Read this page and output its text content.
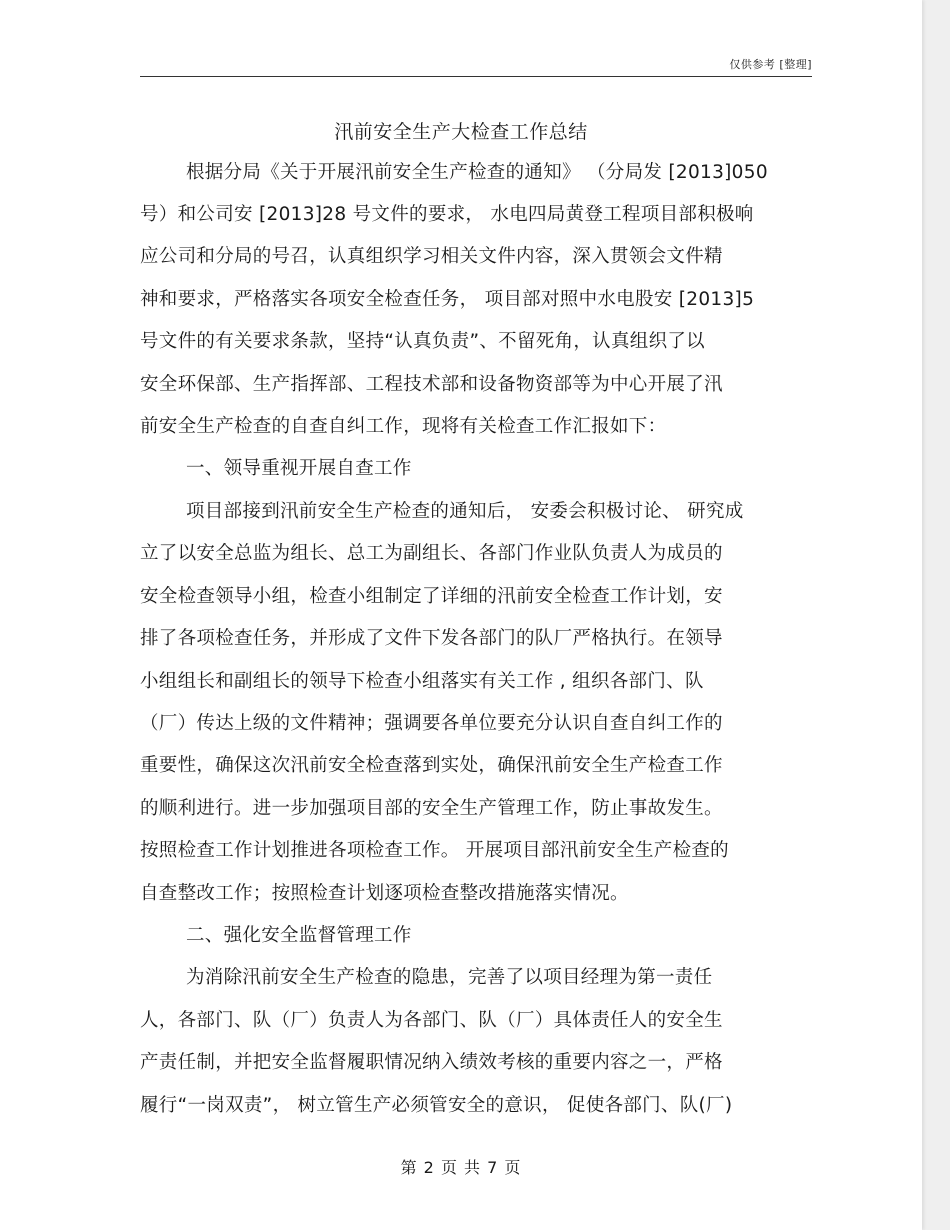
仅供参考 [整理]
汛前安全生产大检查工作总结
根据分局《关于开展汛前安全生产检查的通知》 （分局发 [2013]050
号）和公司安 [2013]28 号文件的要求， 水电四局黄登工程项目部积极响
应公司和分局的号召，认真组织学习相关文件内容，深入贯领会文件精
神和要求，严格落实各项安全检查任务， 项目部对照中水电股安 [2013]5
号文件的有关要求条款，坚持“认真负责”、不留死角，认真组织了以
安全环保部、生产指挥部、工程技术部和设备物资部等为中心开展了汛
前安全生产检查的自查自纠工作，现将有关检查工作汇报如下：
一、领导重视开展自查工作
项目部接到汛前安全生产检查的通知后， 安委会积极讨论、 研究成
立了以安全总监为组长、总工为副组长、各部门作业队负责人为成员的
安全检查领导小组，检查小组制定了详细的汛前安全检查工作计划，安
排了各项检查任务，并形成了文件下发各部门的队厂严格执行。在领导
小组组长和副组长的领导下检查小组落实有关工作 , 组织各部门、队
（厂）传达上级的文件精神；强调要各单位要充分认识自查自纠工作的
重要性，确保这次汛前安全检查落到实处，确保汛前安全生产检查工作
的顺利进行。进一步加强项目部的安全生产管理工作，防止事故发生。
按照检查工作计划推进各项检查工作。 开展项目部汛前安全生产检查的
自查整改工作；按照检查计划逐项检查整改措施落实情况。
二、强化安全监督管理工作
为消除汛前安全生产检查的隐患，完善了以项目经理为第一责任
人，各部门、队（厂）负责人为各部门、队（厂）具体责任人的安全生
产责任制，并把安全监督履职情况纳入绩效考核的重要内容之一，严格
履行“一岗双责”， 树立管生产必须管安全的意识， 促使各部门、队(厂)
第 2 页 共 7 页
